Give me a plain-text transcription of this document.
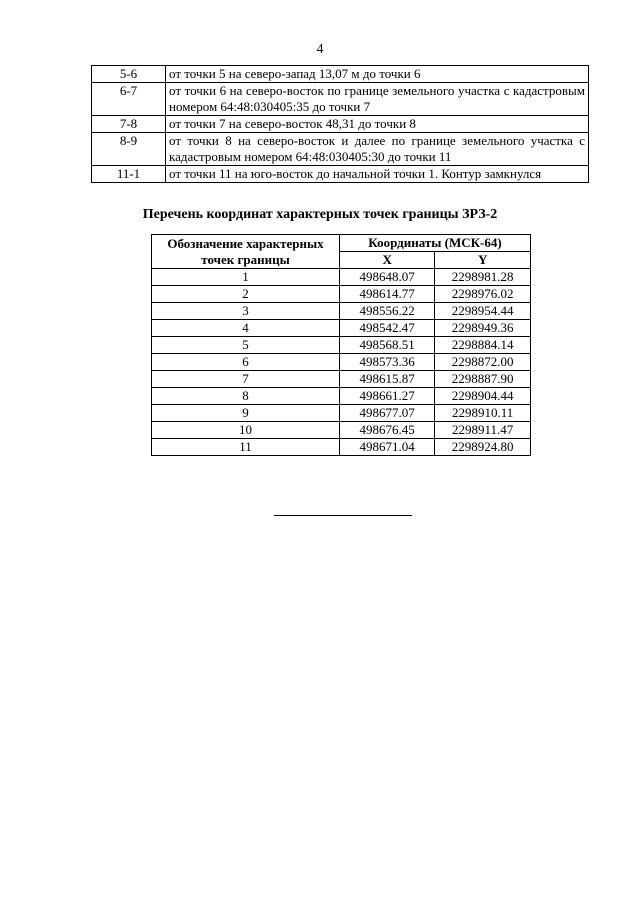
4
5-6	от точки 5 на северо-запад 13,07 м до точки 6
6-7	от точки 6 на северо-восток по границе земельного участка с кадастровым номером 64:48:030405:35 до точки 7
7-8	от точки 7 на северо-восток 48,31 до точки 8
8-9	от точки 8 на северо-восток и далее по границе земельного участка с кадастровым номером 64:48:030405:30 до точки 11
11-1	от точки 11 на юго-восток до начальной точки 1. Контур замкнулся
Перечень координат характерных точек границы ЗРЗ-2
Обозначение характерных точек границы	Координаты (МСК-64)	
	X	Y
1	498648.07	2298981.28
2	498614.77	2298976.02
3	498556.22	2298954.44
4	498542.47	2298949.36
5	498568.51	2298884.14
6	498573.36	2298872.00
7	498615.87	2298887.90
8	498661.27	2298904.44
9	498677.07	2298910.11
10	498676.45	2298911.47
11	498671.04	2298924.80
